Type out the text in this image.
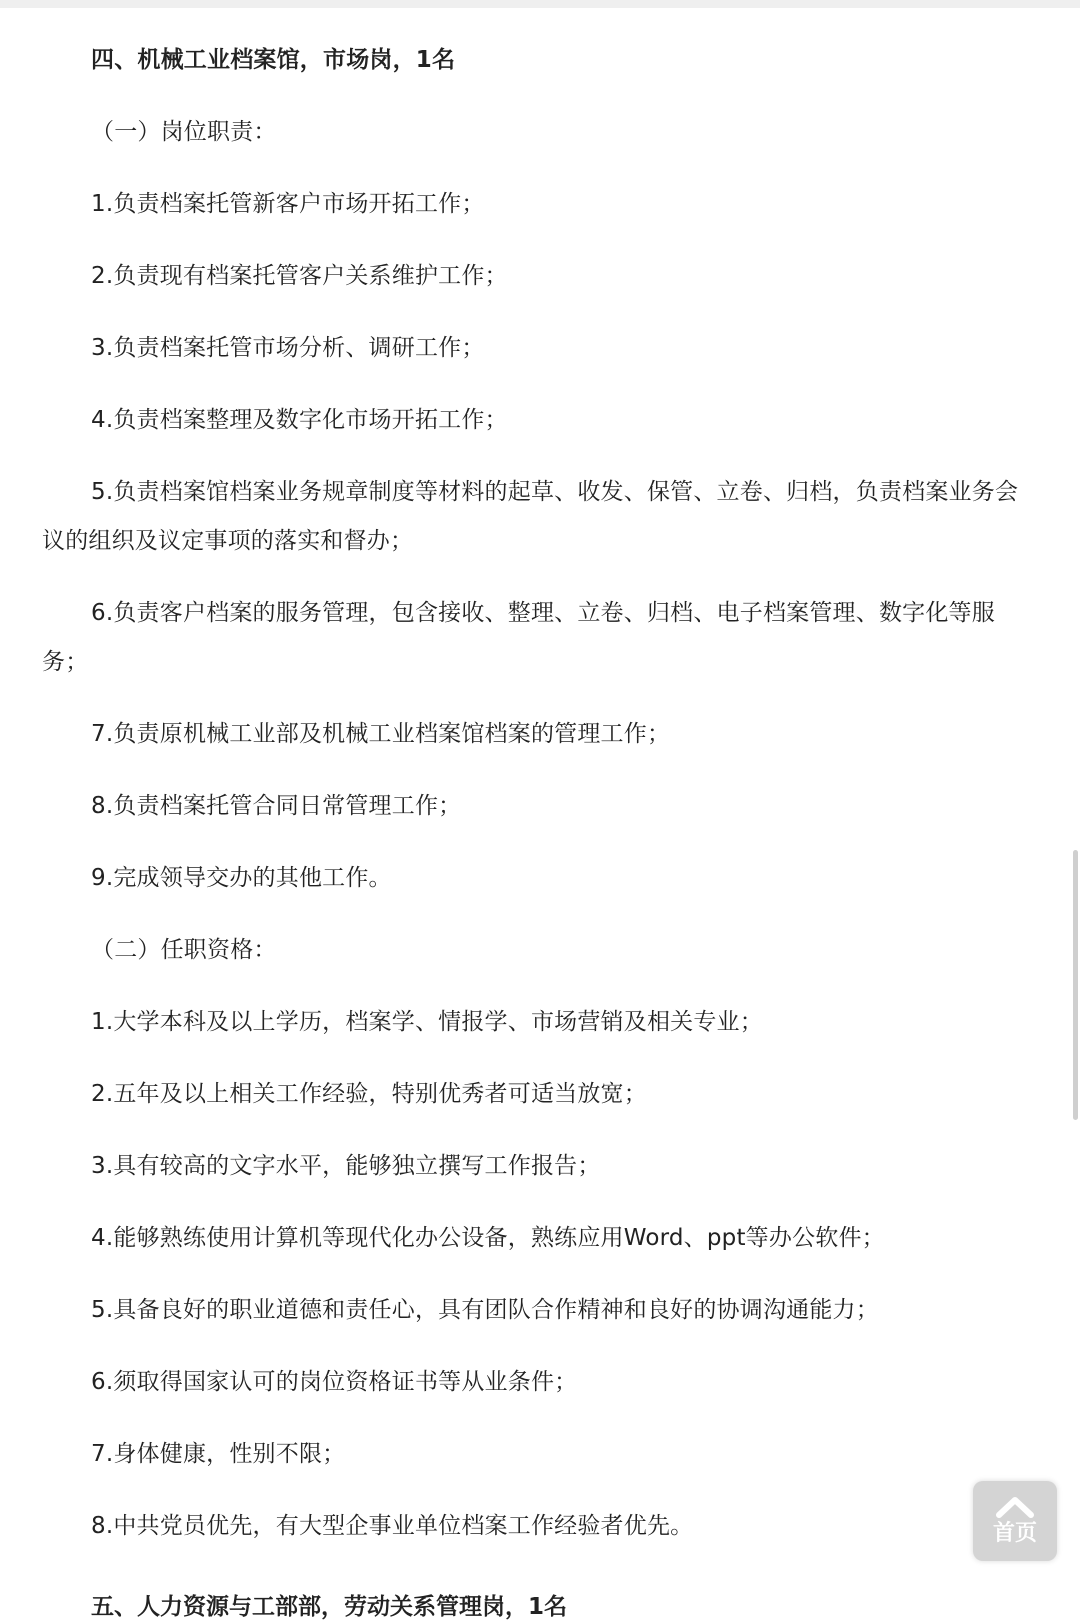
四、机械工业档案馆，市场岗，1名

（一）岗位职责：

1.负责档案托管新客户市场开拓工作；

2.负责现有档案托管客户关系维护工作；

3.负责档案托管市场分析、调研工作；

4.负责档案整理及数字化市场开拓工作；

5.负责档案馆档案业务规章制度等材料的起草、收发、保管、立卷、归档，负责档案业务会议的组织及议定事项的落实和督办；

6.负责客户档案的服务管理，包含接收、整理、立卷、归档、电子档案管理、数字化等服务；

7.负责原机械工业部及机械工业档案馆档案的管理工作；

8.负责档案托管合同日常管理工作；

9.完成领导交办的其他工作。

（二）任职资格：

1.大学本科及以上学历，档案学、情报学、市场营销及相关专业；

2.五年及以上相关工作经验，特别优秀者可适当放宽；

3.具有较高的文字水平，能够独立撰写工作报告；

4.能够熟练使用计算机等现代化办公设备，熟练应用Word、ppt等办公软件；

5.具备良好的职业道德和责任心，具有团队合作精神和良好的协调沟通能力；

6.须取得国家认可的岗位资格证书等从业条件；

7.身体健康，性别不限；

8.中共党员优先，有大型企事业单位档案工作经验者优先。

五、人力资源与工部部，劳动关系管理岗，1名
首页
